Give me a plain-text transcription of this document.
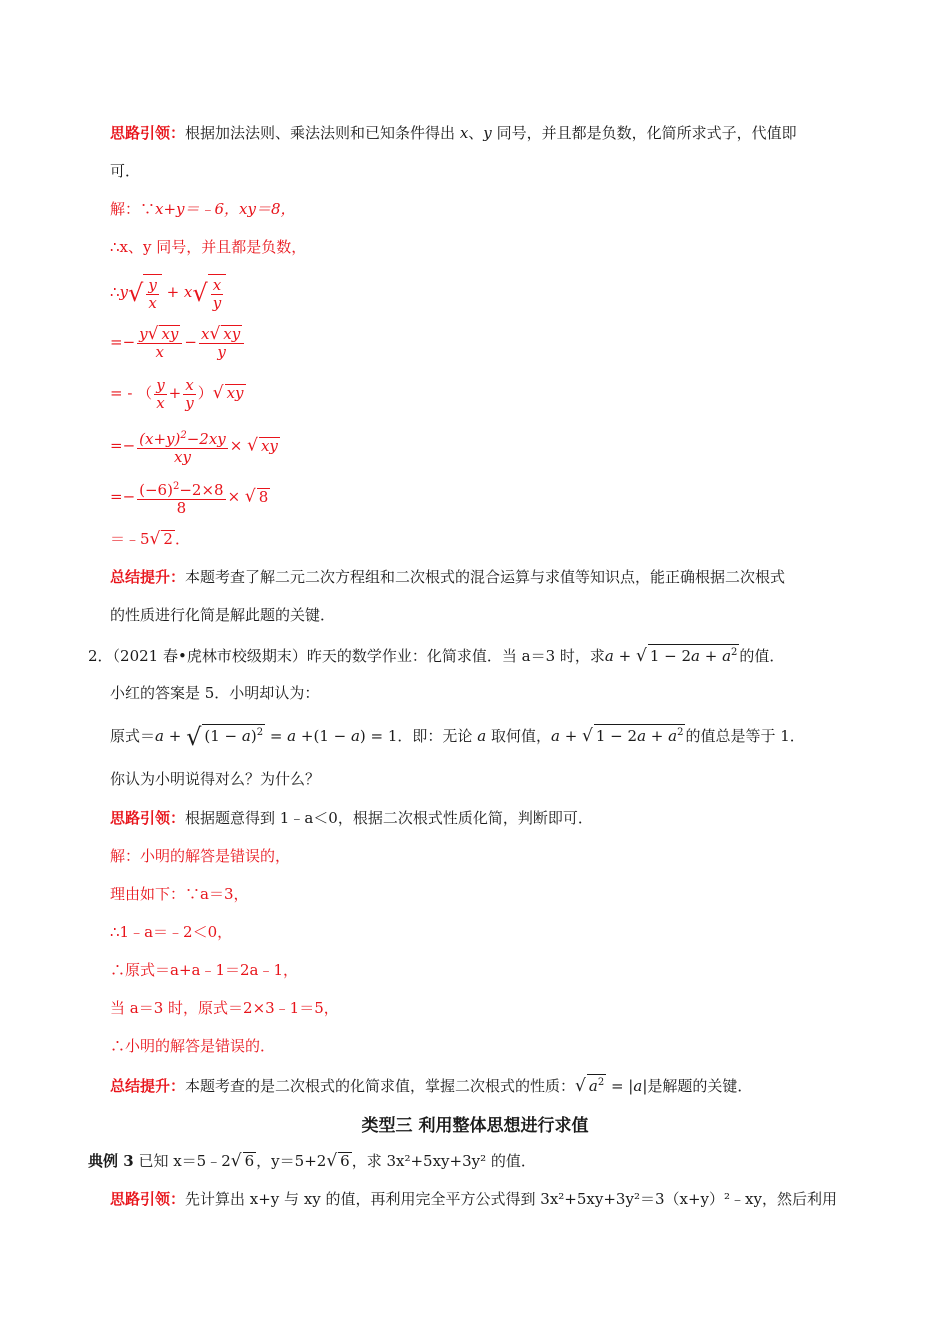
思路引领：根据加法法则、乘法法则和已知条件得出 x、y 同号，并且都是负数，化简所求式子，代值即
可．
解：∵x+y＝﹣6，xy＝8，
∴x、y 同号，并且都是负数，
∴y√ $\frac{y}{x} + x√ \frac{x}{y}$
=− $\frac{y√ xy}{x} - \frac{x√ xy}{y}$
= - （ $\frac{y}{x} + \frac{x}{y}$ ）√ xy
=− $\frac{(x+y)^2-2xy}{xy}$ × √ xy
=− $\frac{(-6)^2-2\times 8}{8}$ × √ 8
＝﹣5√ 2 ．
总结提升：本题考查了解二元二次方程组和二次根式的混合运算与求值等知识点，能正确根据二次根式
的性质进行化简是解此题的关键．
2．（2021 春•虎林市校级期末）昨天的数学作业：化简求值．当 a＝3 时，求a + √ $1 - 2a + a^2$ 的值．
小红的答案是 5．小明却认为：
原式＝a + √ $(1 - a)^2 = a +(1 - a) = 1$．即：无论 a 取何值，a + √ $1 - 2a + a^2$ 的值总是等于 1．
你认为小明说得对么？为什么？
思路引领：根据题意得到 1﹣a＜0，根据二次根式性质化简，判断即可．
解：小明的解答是错误的，
理由如下：∵a＝3，
∴1﹣a＝﹣2＜0，
∴原式＝a+a﹣1＝2a﹣1，
当 a＝3 时，原式＝2×3﹣1＝5，
∴小明的解答是错误的．
总结提升：本题考查的是二次根式的化简求值，掌握二次根式的性质：√ $a^2 = |a|$是解题的关键．
类型三 利用整体思想进行求值
典例 3 已知 x＝5﹣2√ 6 ，y＝5+2√ 6 ，求 3x²+5xy+3y² 的值．
思路引领：先计算出 x+y 与 xy 的值，再利用完全平方公式得到 3x²+5xy+3y²＝3（x+y）²﹣xy，然后利用
